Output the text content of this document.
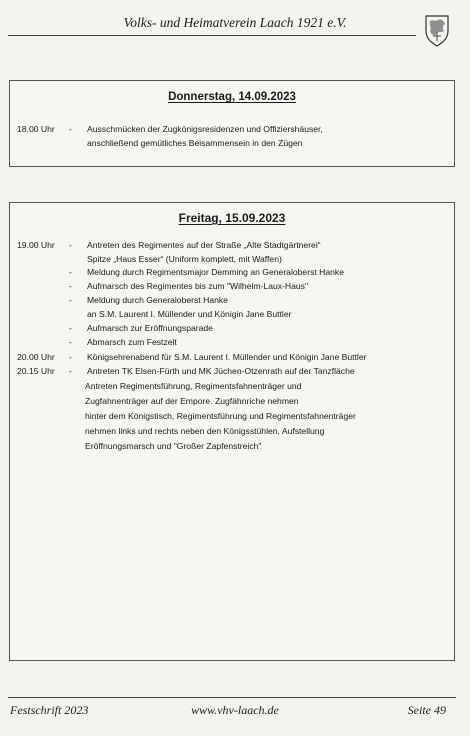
Volks- und Heimatverein Laach 1921 e.V.
Donnerstag, 14.09.2023
18.00 Uhr - Ausschmücken der Zugkönigsresidenzen und Offiziershäuser,
anschließend gemütliches Beisammensein in den Zügen
Freitag, 15.09.2023
19.00 Uhr - Antreten des Regimentes auf der Straße „Alte Stadtgärtnerei“
Spitze „Haus Esser“ (Uniform komplett, mit Waffen)
- Meldung durch Regimentsmajor Demming an Generaloberst Hanke
- Aufmarsch des Regimentes bis zum "Wilhelm-Laux-Haus"
- Meldung durch Generaloberst Hanke
an S.M. Laurent I. Müllender und Königin Jane Buttler
- Aufmarsch zur Eröffnungsparade
- Abmarsch zum Festzelt
20.00 Uhr - Königsehrenabend für S.M. Laurent I. Müllender und Königin Jane Buttler
20.15 Uhr - Antreten TK Elsen-Fürth und MK Jüchen-Otzenrath auf der Tanzfläche
Antreten Regimentsführung, Regimentsfahnenträger und
Zugfahnenträger auf der Empore. Zugfähnriche nehmen
hinter dem Königstisch, Regimentsführung und Regimentsfahnenträger
nehmen links und rechts neben den Königsstühlen, Aufstellung
Eröffnungsmarsch und "Großer Zapfenstreich"
Festschrift 2023	www.vhv-laach.de	Seite 49
